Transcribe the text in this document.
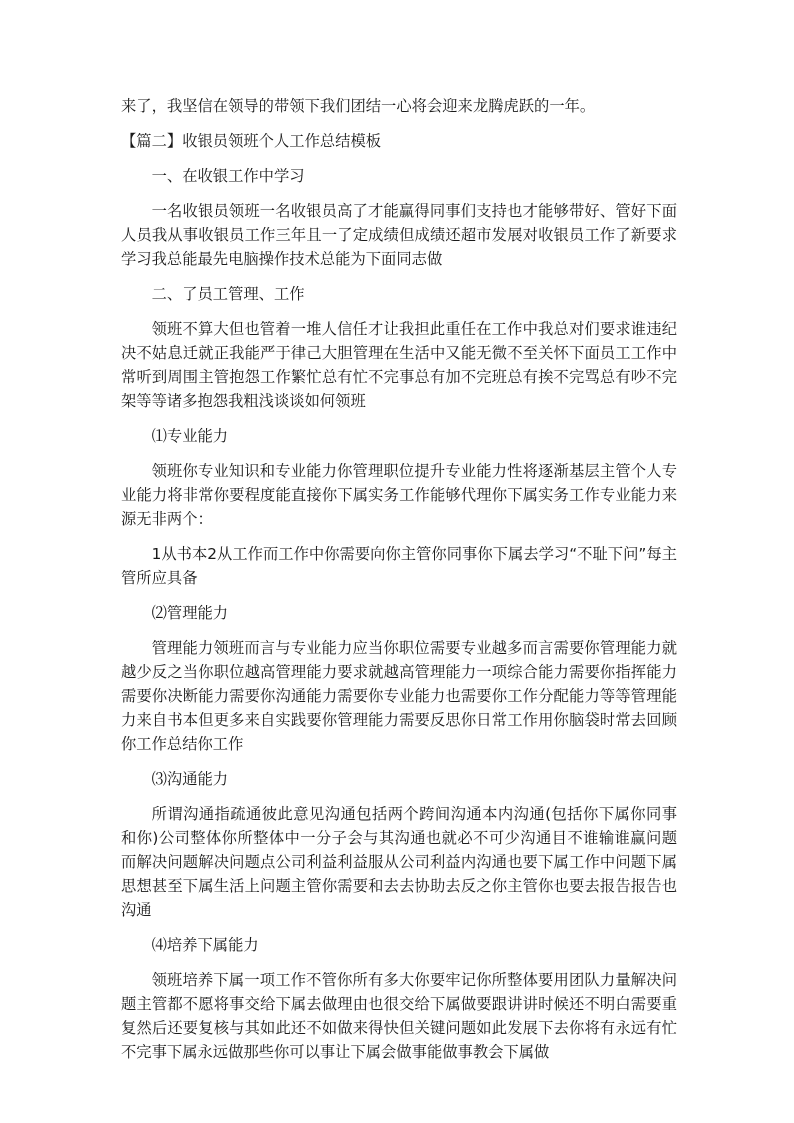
来了，我坚信在领导的带领下我们团结一心将会迎来龙腾虎跃的一年。

【篇二】收银员领班个人工作总结模板

一、在收银工作中学习

一名收银员领班一名收银员高了才能赢得同事们支持也才能够带好、管好下面人员我从事收银员工作三年且一了定成绩但成绩还超市发展对收银员工作了新要求学习我总能最先电脑操作技术总能为下面同志做

二、了员工管理、工作

领班不算大但也管着一堆人信任才让我担此重任在工作中我总对们要求谁违纪决不姑息迁就正我能严于律己大胆管理在生活中又能无微不至关怀下面员工工作中常听到周围主管抱怨工作繁忙总有忙不完事总有加不完班总有挨不完骂总有吵不完架等等诸多抱怨我粗浅谈谈如何领班

⑴专业能力

领班你专业知识和专业能力你管理职位提升专业能力性将逐渐基层主管个人专业能力将非常你要程度能直接你下属实务工作能够代理你下属实务工作专业能力来源无非两个：

1从书本2从工作而工作中你需要向你主管你同事你下属去学习“不耻下问”每主管所应具备

⑵管理能力

管理能力领班而言与专业能力应当你职位需要专业越多而言需要你管理能力就越少反之当你职位越高管理能力要求就越高管理能力一项综合能力需要你指挥能力需要你决断能力需要你沟通能力需要你专业能力也需要你工作分配能力等等管理能力来自书本但更多来自实践要你管理能力需要反思你日常工作用你脑袋时常去回顾你工作总结你工作

⑶沟通能力

所谓沟通指疏通彼此意见沟通包括两个跨间沟通本内沟通(包括你下属你同事和你)公司整体你所整体中一分子会与其沟通也就必不可少沟通目不谁输谁赢问题而解决问题解决问题点公司利益利益服从公司利益内沟通也要下属工作中问题下属思想甚至下属生活上问题主管你需要和去去协助去反之你主管你也要去报告报告也沟通

⑷培养下属能力

领班培养下属一项工作不管你所有多大你要牢记你所整体要用团队力量解决问题主管都不愿将事交给下属去做理由也很交给下属做要跟讲讲时候还不明白需要重复然后还要复核与其如此还不如做来得快但关键问题如此发展下去你将有永远有忙不完事下属永远做那些你可以事让下属会做事能做事教会下属做
